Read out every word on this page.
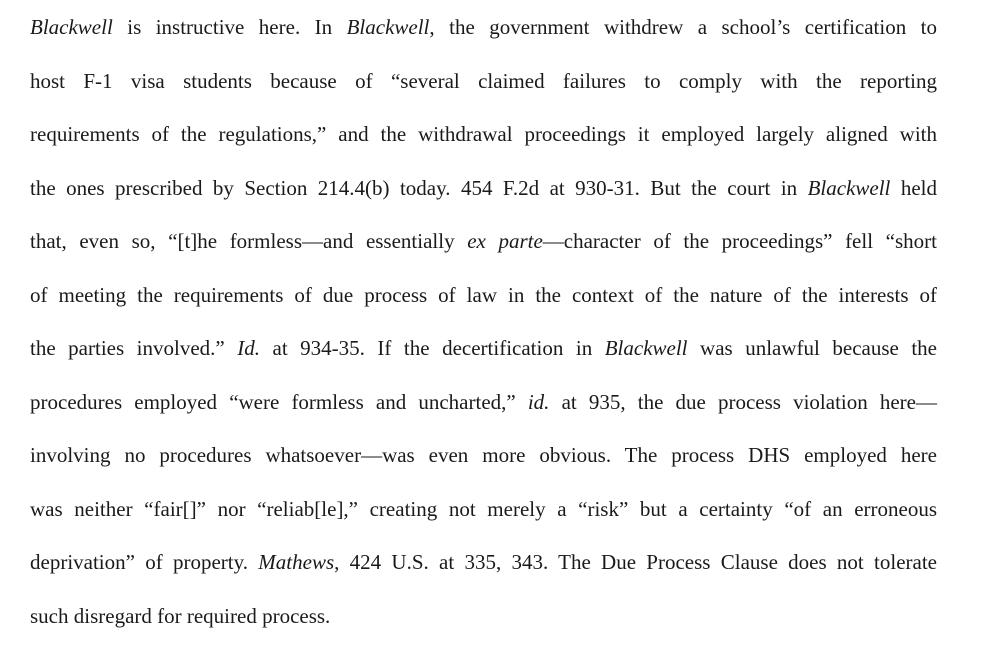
Blackwell is instructive here. In Blackwell, the government withdrew a school’s certification to
host F-1 visa students because of “several claimed failures to comply with the reporting
requirements of the regulations,” and the withdrawal proceedings it employed largely aligned with
the ones prescribed by Section 214.4(b) today. 454 F.2d at 930-31. But the court in Blackwell held
that, even so, “[t]he formless—and essentially ex parte—character of the proceedings” fell “short
of meeting the requirements of due process of law in the context of the nature of the interests of
the parties involved.” Id. at 934-35. If the decertification in Blackwell was unlawful because the
procedures employed “were formless and uncharted,” id. at 935, the due process violation here—
involving no procedures whatsoever—was even more obvious. The process DHS employed here
was neither “fair[]” nor “reliab[le],” creating not merely a “risk” but a certainty “of an erroneous
deprivation” of property. Mathews, 424 U.S. at 335, 343. The Due Process Clause does not tolerate
such disregard for required process.
